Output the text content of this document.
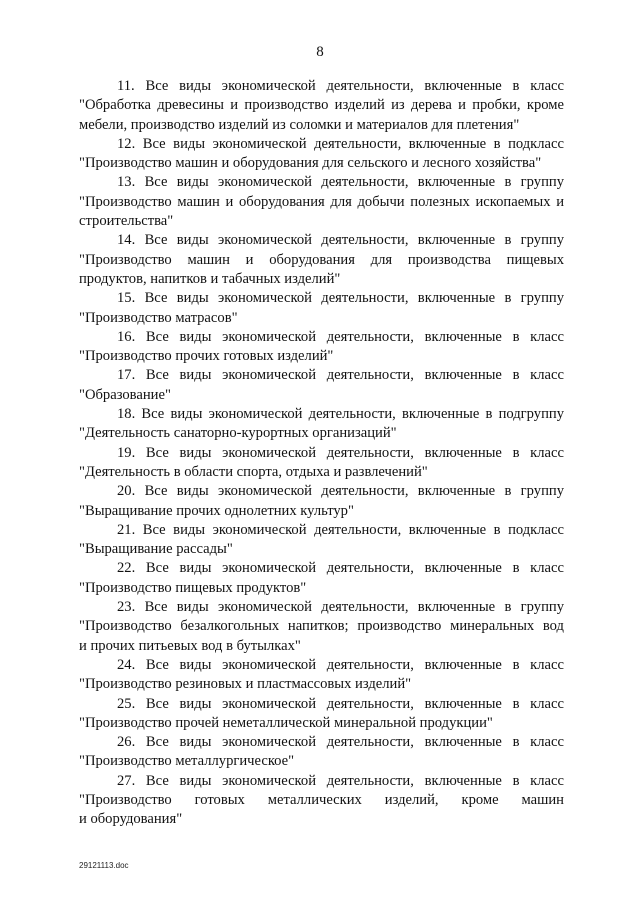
8
11. Все виды экономической деятельности, включенные в класс
"Обработка древесины и производство изделий из дерева и пробки, кроме
мебели, производство изделий из соломки и материалов для плетения"
12. Все виды экономической деятельности, включенные в подкласс
"Производство машин и оборудования для сельского и лесного хозяйства"
13. Все виды экономической деятельности, включенные в группу
"Производство машин и оборудования для добычи полезных ископаемых и
строительства"
14. Все виды экономической деятельности, включенные в группу
"Производство машин и оборудования для производства пищевых
продуктов, напитков и табачных изделий"
15. Все виды экономической деятельности, включенные в группу
"Производство матрасов"
16. Все виды экономической деятельности, включенные в класс
"Производство прочих готовых изделий"
17. Все виды экономической деятельности, включенные в класс
"Образование"
18. Все виды экономической деятельности, включенные в подгруппу
"Деятельность санаторно-курортных организаций"
19. Все виды экономической деятельности, включенные в класс
"Деятельность в области спорта, отдыха и развлечений"
20. Все виды экономической деятельности, включенные в группу
"Выращивание прочих однолетних культур"
21. Все виды экономической деятельности, включенные в подкласс
"Выращивание рассады"
22. Все виды экономической деятельности, включенные в класс
"Производство пищевых продуктов"
23. Все виды экономической деятельности, включенные в группу
"Производство безалкогольных напитков; производство минеральных вод
и прочих питьевых вод в бутылках"
24. Все виды экономической деятельности, включенные в класс
"Производство резиновых и пластмассовых изделий"
25. Все виды экономической деятельности, включенные в класс
"Производство прочей неметаллической минеральной продукции"
26. Все виды экономической деятельности, включенные в класс
"Производство металлургическое"
27. Все виды экономической деятельности, включенные в класс
"Производство готовых металлических изделий, кроме машин
и оборудования"
29121113.doc
